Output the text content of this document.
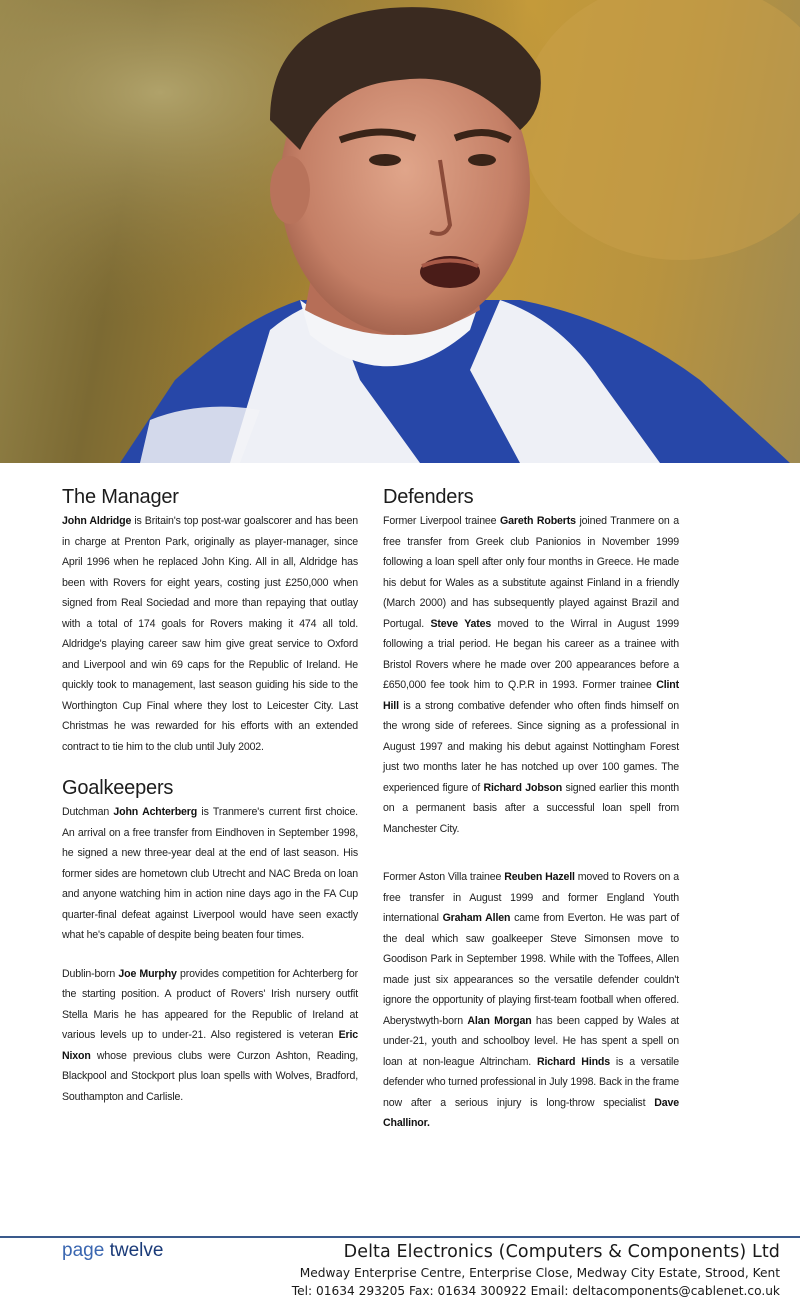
The Manager

John Aldridge is Britain's top post-war goalscorer and has been in charge at Prenton Park, originally as player-manager, since April 1996 when he replaced John King. All in all, Aldridge has been with Rovers for eight years, costing just £250,000 when signed from Real Sociedad and more than repaying that outlay with a total of 174 goals for Rovers making it 474 all told. Aldridge's playing career saw him give great service to Oxford and Liverpool and win 69 caps for the Republic of Ireland. He quickly took to management, last season guiding his side to the Worthington Cup Final where they lost to Leicester City. Last Christmas he was rewarded for his efforts with an extended contract to tie him to the club until July 2002.

Goalkeepers

Dutchman John Achterberg is Tranmere's current first choice. An arrival on a free transfer from Eindhoven in September 1998, he signed a new three-year deal at the end of last season. His former sides are hometown club Utrecht and NAC Breda on loan and anyone watching him in action nine days ago in the FA Cup quarter-final defeat against Liverpool would have seen exactly what he's capable of despite being beaten four times.

Dublin-born Joe Murphy provides competition for Achterberg for the starting position. A product of Rovers' Irish nursery outfit Stella Maris he has appeared for the Republic of Ireland at various levels up to under-21. Also registered is veteran Eric Nixon whose previous clubs were Curzon Ashton, Reading, Blackpool and Stockport plus loan spells with Wolves, Bradford, Southampton and Carlisle.

Defenders

Former Liverpool trainee Gareth Roberts joined Tranmere on a free transfer from Greek club Panionios in November 1999 following a loan spell after only four months in Greece. He made his debut for Wales as a substitute against Finland in a friendly (March 2000) and has subsequently played against Brazil and Portugal. Steve Yates moved to the Wirral in August 1999 following a trial period. He began his career as a trainee with Bristol Rovers where he made over 200 appearances before a £650,000 fee took him to Q.P.R in 1993. Former trainee Clint Hill is a strong combative defender who often finds himself on the wrong side of referees. Since signing as a professional in August 1997 and making his debut against Nottingham Forest just two months later he has notched up over 100 games. The experienced figure of Richard Jobson signed earlier this month on a permanent basis after a successful loan spell from Manchester City.

Former Aston Villa trainee Reuben Hazell moved to Rovers on a free transfer in August 1999 and former England Youth international Graham Allen came from Everton. He was part of the deal which saw goalkeeper Steve Simonsen move to Goodison Park in September 1998. While with the Toffees, Allen made just six appearances so the versatile defender couldn't ignore the opportunity of playing first-team football when offered. Aberystwyth-born Alan Morgan has been capped by Wales at under-21, youth and schoolboy level. He has spent a spell on loan at non-league Altrincham. Richard Hinds is a versatile defender who turned professional in July 1998. Back in the frame now after a serious injury is long-throw specialist Dave Challinor.

page twelve	Delta Electronics (Computers & Components) Ltd
Medway Enterprise Centre, Enterprise Close, Medway City Estate, Strood, Kent
Tel: 01634 293205 Fax: 01634 300922 Email: deltacomponents@cablenet.co.uk
